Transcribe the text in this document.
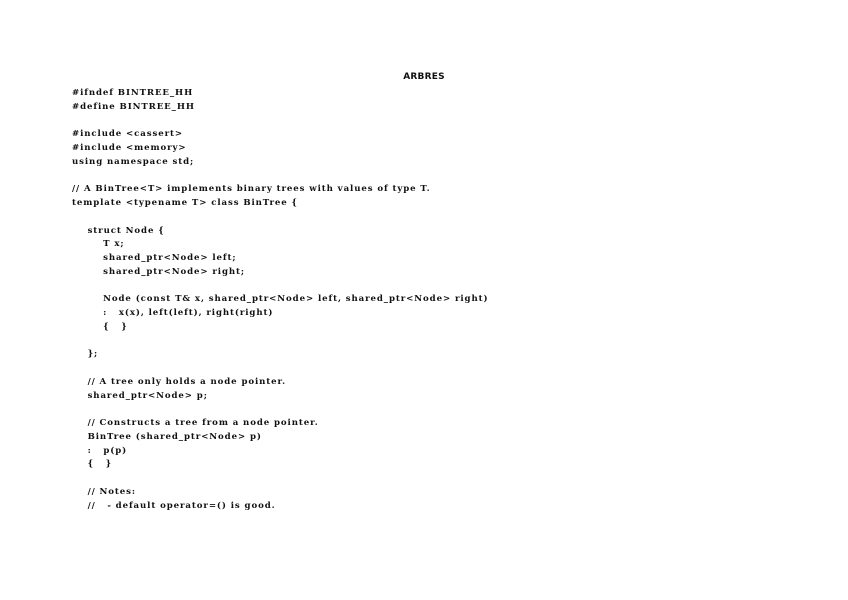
ARBRES
#ifndef BINTREE_HH
#define BINTREE_HH
#include <cassert>
#include <memory>
using namespace std;
// A BinTree<T> implements binary trees with values of type T.
template <typename T> class BinTree {
struct Node {
T x;
shared_ptr<Node> left;
shared_ptr<Node> right;
Node (const T& x, shared_ptr<Node> left, shared_ptr<Node> right)
:   x(x), left(left), right(right)
{   }
};
// A tree only holds a node pointer.
shared_ptr<Node> p;
// Constructs a tree from a node pointer.
BinTree (shared_ptr<Node> p)
:   p(p)
{   }
// Notes:
//   - default operator=() is good.
